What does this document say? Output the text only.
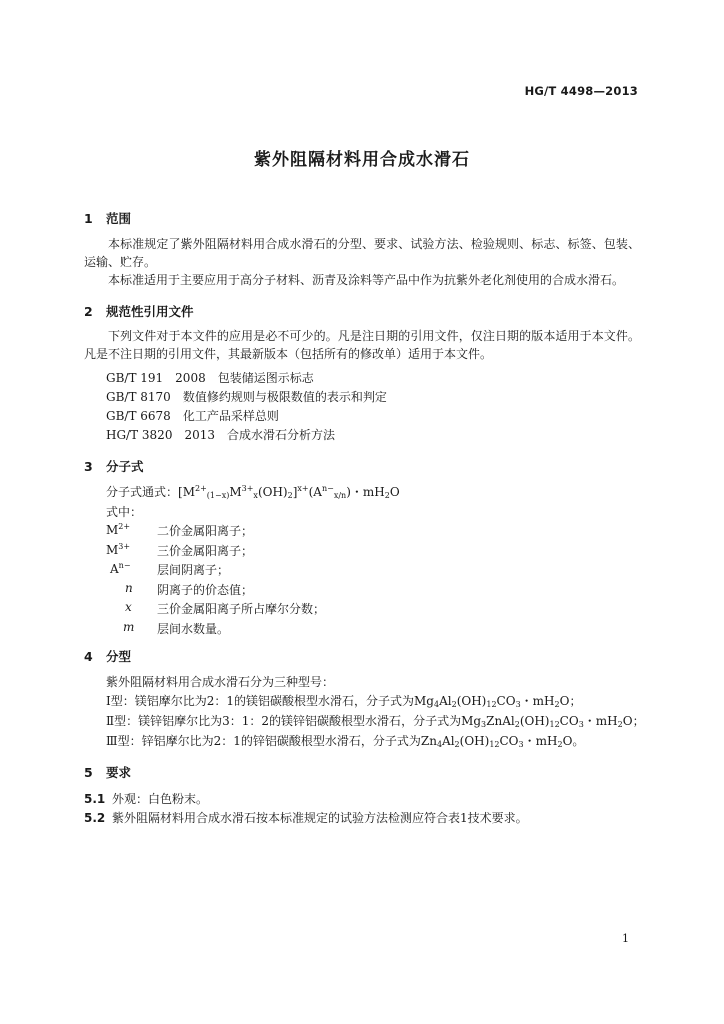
HG/T 4498—2013
紫外阻隔材料用合成水滑石
1 范围
本标准规定了紫外阻隔材料用合成水滑石的分型、要求、试验方法、检验规则、标志、标签、包装、运输、贮存。
本标准适用于主要应用于高分子材料、沥青及涂料等产品中作为抗紫外老化剂使用的合成水滑石。
2 规范性引用文件
下列文件对于本文件的应用是必不可少的。凡是注日期的引用文件，仅注日期的版本适用于本文件。凡是不注日期的引用文件，其最新版本（包括所有的修改单）适用于本文件。
GB/T 191　2008　 包装储运图示标志
GB/T 8170　 数值修约规则与极限数值的表示和判定
GB/T 6678　 化工产品采样总则
HG/T 3820　2013　 合成水滑石分析方法
3 分子式
分子式通式：$[M^{2+}_{(1-x)}M^{3+}_x(OH)_2]^{x+}(A^{n-}_{x/n})$・$mH_2O$
式中：
$M^{2+}$ 二价金属阳离子；
$M^{3+}$ 三价金属阳离子；
$A^{n-}$ 层间阴离子；
n 阴离子的价态值；
x 三价金属阳离子所占摩尔分数；
m 层间水数量。
4 分型
紫外阻隔材料用合成水滑石分为三种型号：
Ⅰ型：镁铝摩尔比为2：1的镁铝碳酸根型水滑石，分子式为$Mg_4Al_2(OH)_{12}CO_3$・$mH_2O$；
Ⅱ型：镁锌铝摩尔比为3：1：2的镁锌铝碳酸根型水滑石，分子式为$Mg_3ZnAl_2(OH)_{12}CO_3$・$mH_2O$；
Ⅲ型：锌铝摩尔比为2：1的锌铝碳酸根型水滑石，分子式为$Zn_4Al_2(OH)_{12}CO_3$・$mH_2O$。
5 要求
5.1 外观：白色粉末。
5.2 紫外阻隔材料用合成水滑石按本标准规定的试验方法检测应符合表1技术要求。
1
